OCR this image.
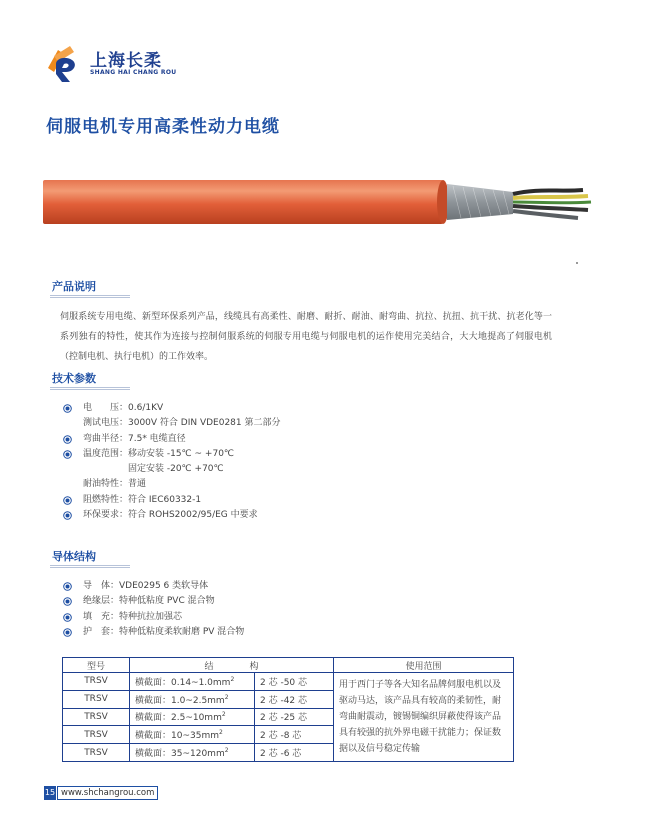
上海长柔
SHANG HAI CHANG ROU
伺服电机专用高柔性动力电缆
产品说明
伺服系统专用电缆、新型环保系列产品，线缆具有高柔性、耐磨、耐折、耐油、耐弯曲、抗拉、抗扭、抗干扰、抗老化等一系列独有的特性，使其作为连接与控制伺服系统的伺服专用电缆与伺服电机的运作使用完美结合，大大地提高了伺服电机（控制电机、执行电机）的工作效率。
技术参数
电　　压：0.6/1KV
测试电压：3000V 符合 DIN VDE0281 第二部分
弯曲半径：7.5* 电缆直径
温度范围：移动安装 -15℃ ~ +70℃
　　　　　固定安装 -20℃ +70℃
耐油特性：普通
阻燃特性：符合 IEC60332-1
环保要求：符合 ROHS2002/95/EG 中要求
导体结构
导　体：VDE0295 6 类软导体
绝缘层：特种低粘度 PVC 混合物
填　充：特种抗拉加强芯
护　套：特种低粘度柔软耐磨 PV 混合物
型号	结　　　　构		使用范围
TRSV	横截面：$0.14\sim 1.0mm^2$	2 芯 -50 芯	用于西门子等各大知名品牌伺服电机以及驱动马达，该产品具有较高的柔韧性，耐弯曲耐震动，镀锡铜编织屏蔽使得该产品具有较强的抗外界电磁干扰能力；保证数据以及信号稳定传输
TRSV	横截面：$1.0\sim 2.5mm^2$	2 芯 -42 芯	
TRSV	横截面：$2.5\sim 10mm^2$	2 芯 -25 芯	
TRSV	横截面：$10\sim 35mm^2$	2 芯 -8 芯	
TRSV	横截面：$35\sim 120mm^2$	2 芯 -6 芯	
15 www.shchangrou.com
